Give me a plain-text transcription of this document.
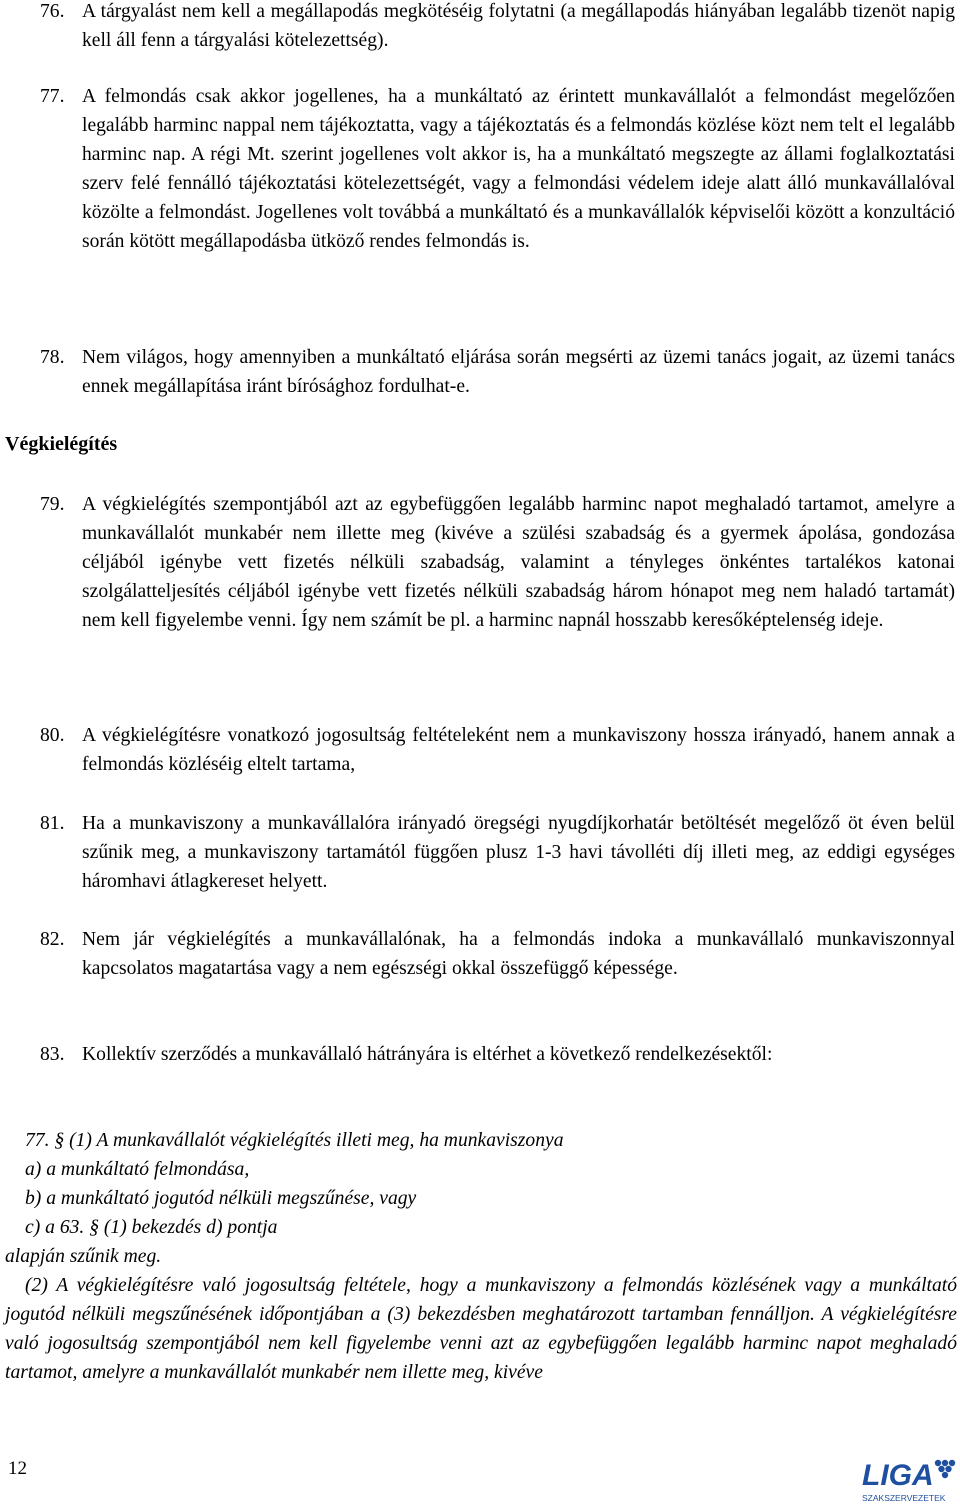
76. A tárgyalást nem kell a megállapodás megkötéséig folytatni (a megállapodás hiányában legalább tizenöt napig kell áll fenn a tárgyalási kötelezettség).
77. A felmondás csak akkor jogellenes, ha a munkáltató az érintett munkavállalót a felmondást megelőzően legalább harminc nappal nem tájékoztatta, vagy a tájékoztatás és a felmondás közlése közt nem telt el legalább harminc nap. A régi Mt. szerint jogellenes volt akkor is, ha a munkáltató megszegte az állami foglalkoztatási szerv felé fennálló tájékoztatási kötelezettségét, vagy a felmondási védelem ideje alatt álló munkavállalóval közölte a felmondást. Jogellenes volt továbbá a munkáltató és a munkavállalók képviselői között a konzultáció során kötött megállapodásba ütköző rendes felmondás is.
78. Nem világos, hogy amennyiben a munkáltató eljárása során megsérti az üzemi tanács jogait, az üzemi tanács ennek megállapítása iránt bírósághoz fordulhat-e.
Végkielégítés
79. A végkielégítés szempontjából azt az egybefüggően legalább harminc napot meghaladó tartamot, amelyre a munkavállalót munkabér nem illette meg (kivéve a szülési szabadság és a gyermek ápolása, gondozása céljából igénybe vett fizetés nélküli szabadság, valamint a tényleges önkéntes tartalékos katonai szolgálatteljesítés céljából igénybe vett fizetés nélküli szabadság három hónapot meg nem haladó tartamát) nem kell figyelembe venni. Így nem számít be pl. a harminc napnál hosszabb keresőképtelenség ideje.
80. A végkielégítésre vonatkozó jogosultság feltételeként nem a munkaviszony hossza irányadó, hanem annak a felmondás közléséig eltelt tartama,
81. Ha a munkaviszony a munkavállalóra irányadó öregségi nyugdíjkorhatár betöltését megelőző öt éven belül szűnik meg, a munkaviszony tartamától függően plusz 1-3 havi távolléti díj illeti meg, az eddigi egységes háromhavi átlagkereset helyett.
82. Nem jár végkielégítés a munkavállalónak, ha a felmondás indoka a munkavállaló munkaviszonnyal kapcsolatos magatartása vagy a nem egészségi okkal összefüggő képessége.
83. Kollektív szerződés a munkavállaló hátrányára is eltérhet a következő rendelkezésektől:
77. § (1) A munkavállalót végkielégítés illeti meg, ha munkaviszonya
a) a munkáltató felmondása,
b) a munkáltató jogutód nélküli megszűnése, vagy
c) a 63. § (1) bekezdés d) pontja
alapján szűnik meg.
(2) A végkielégítésre való jogosultság feltétele, hogy a munkaviszony a felmondás közlésének vagy a munkáltató jogutód nélküli megszűnésének időpontjában a (3) bekezdésben meghatározott tartamban fennálljon. A végkielégítésre való jogosultság szempontjából nem kell figyelembe venni azt az egybefüggően legalább harminc napot meghaladó tartamot, amelyre a munkavállalót munkabér nem illette meg, kivéve
12	LIGA
SZAKSZERVEZETEK
